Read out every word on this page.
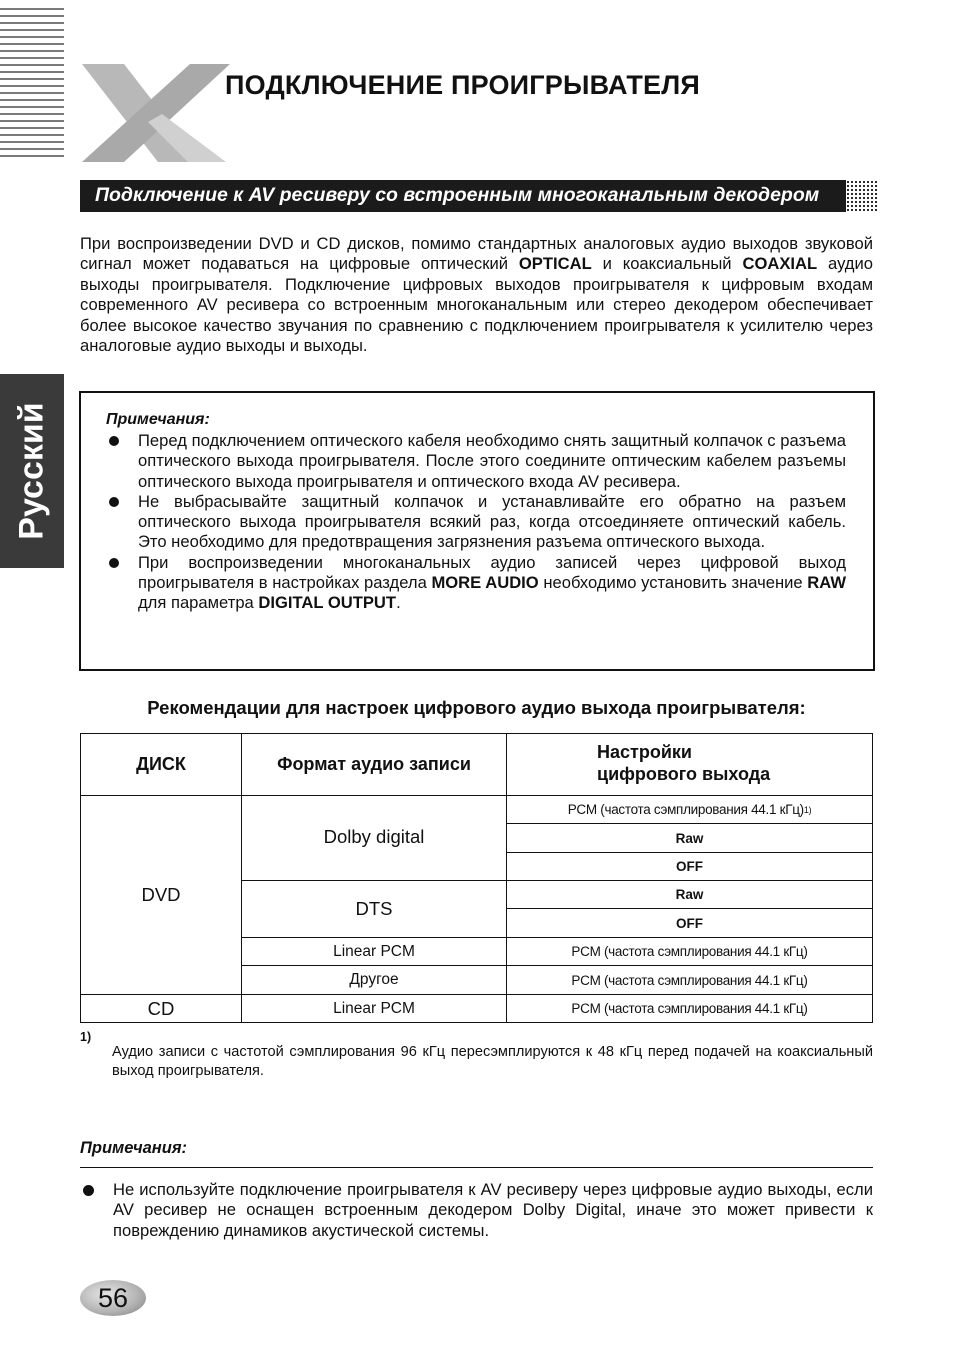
ПОДКЛЮЧЕНИЕ ПРОИГРЫВАТЕЛЯ
Подключение к AV ресиверу со встроенным многоканальным декодером
При воспроизведении DVD и CD дисков, помимо стандартных аналоговых аудио выходов звуковой сигнал может подаваться на цифровые оптический OPTICAL и коаксиальный COAXIAL аудио выходы проигрывателя. Подключение цифровых выходов проигрывателя к цифровым входам современного AV ресивера со встроенным многоканальным или стерео декодером обеспечивает более высокое качество звучания по сравнению с подключением проигрывателя к усилителю через аналоговые аудио выходы и выходы.
Русский	Примечания:
Перед подключением оптического кабеля необходимо снять защитный колпачок с разъема оптического выхода проигрывателя. После этого соедините оптическим кабелем разъемы оптического выхода проигрывателя и оптического входа AV ресивера.
Не выбрасывайте защитный колпачок и устанавливайте его обратно на разъем оптического выхода проигрывателя всякий раз, когда отсоединяете оптический кабель. Это необходимо для предотвращения загрязнения разъема оптического выхода.
При воспроизведении многоканальных аудио записей через цифровой выход проигрывателя в настройках раздела MORE AUDIO необходимо установить значение RAW для параметра DIGITAL OUTPUT.
Рекомендации для настроек цифрового аудио выхода проигрывателя:
ДИСК	Формат аудио записи
Настройки
цифрового выхода
DVD
CD
Dolby digital
DTS
Linear PCM
Другое
Linear PCM
PCM (частота сэмплирования 44.1 кГц) 1)
Raw
OFF
Raw
OFF
PCM (частота сэмплирования 44.1 кГц)
PCM (частота сэмплирования 44.1 кГц)
PCM (частота сэмплирования 44.1 кГц)
1)
Аудио записи с частотой сэмплирования 96 кГц пересэмплируются к 48 кГц перед подачей на коаксиальный выход проигрывателя.
Примечания:

Не используйте подключение проигрывателя к AV ресиверу через цифровые аудио выходы, если AV ресивер не оснащен встроенным декодером Dolby Digital, иначе это может привести к повреждению динамиков акустической системы.

56
